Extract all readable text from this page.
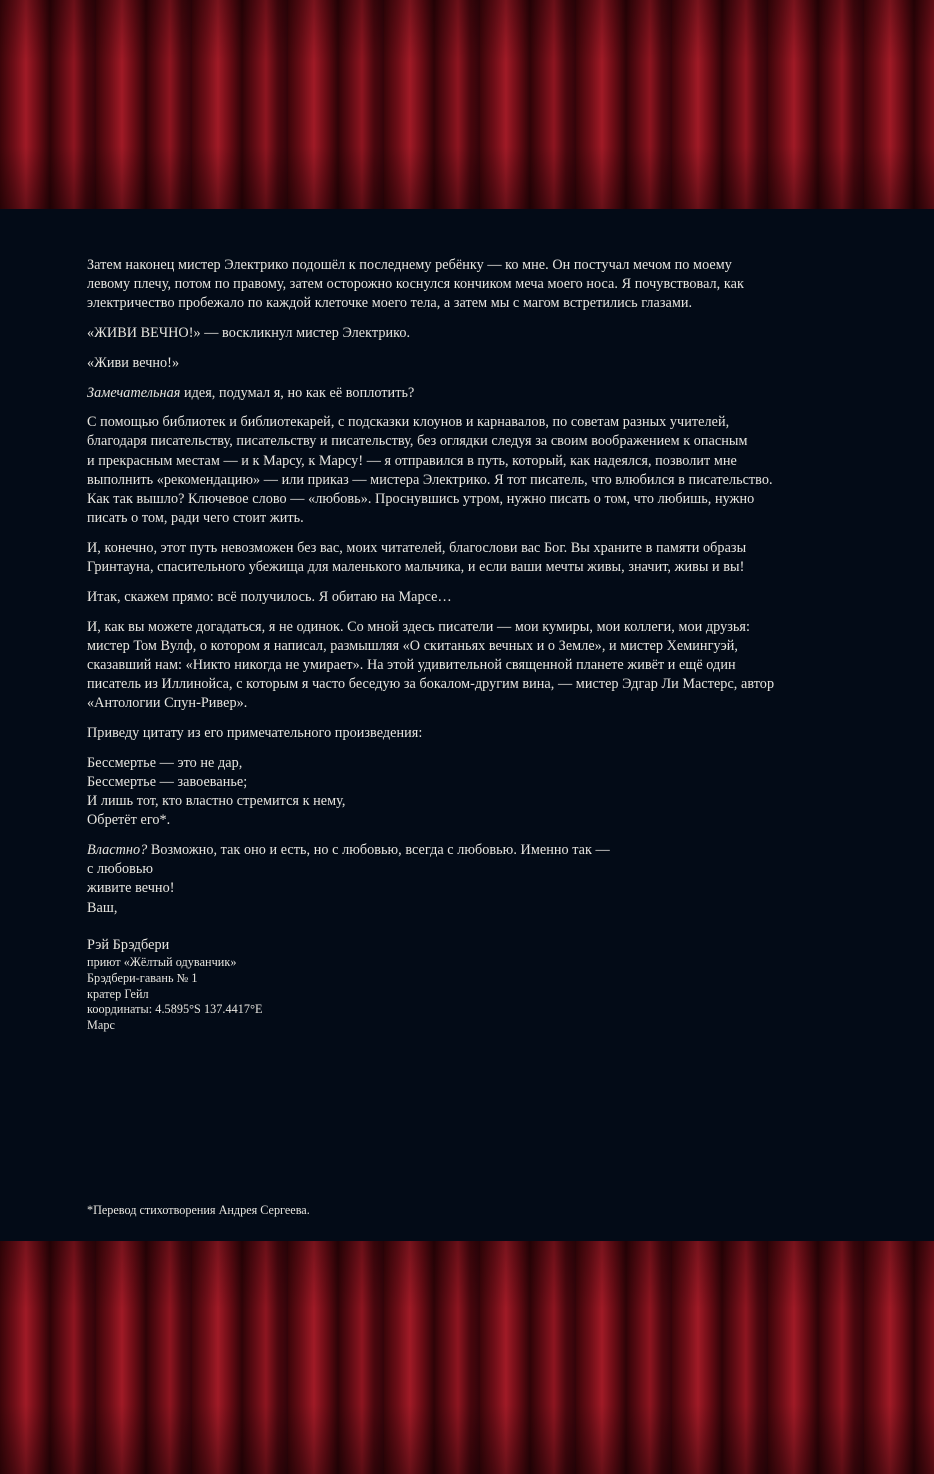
Затем наконец мистер Электрико подошёл к последнему ребёнку — ко мне. Он постучал мечом по моему
левому плечу, потом по правому, затем осторожно коснулся кончиком меча моего носа. Я почувствовал, как
электричество пробежало по каждой клеточке моего тела, а затем мы с магом встретились глазами.

«ЖИВИ ВЕЧНО!» — воскликнул мистер Электрико.

«Живи вечно!»

Замечательная идея, подумал я, но как её воплотить?

С помощью библиотек и библиотекарей, с подсказки клоунов и карнавалов, по советам разных учителей,
благодаря писательству, писательству и писательству, без оглядки следуя за своим воображением к опасным
и прекрасным местам — и к Марсу, к Марсу! — я отправился в путь, который, как надеялся, позволит мне
выполнить «рекомендацию» — или приказ — мистера Электрико. Я тот писатель, что влюбился в писательство.
Как так вышло? Ключевое слово — «любовь». Проснувшись утром, нужно писать о том, что любишь, нужно
писать о том, ради чего стоит жить.

И, конечно, этот путь невозможен без вас, моих читателей, благослови вас Бог. Вы храните в памяти образы
Гринтауна, спасительного убежища для маленького мальчика, и если ваши мечты живы, значит, живы и вы!

Итак, скажем прямо: всё получилось. Я обитаю на Марсе…

И, как вы можете догадаться, я не одинок. Со мной здесь писатели — мои кумиры, мои коллеги, мои друзья:
мистер Том Вулф, о котором я написал, размышляя «О скитаньях вечных и о Земле», и мистер Хемингуэй,
сказавший нам: «Никто никогда не умирает». На этой удивительной священной планете живёт и ещё один
писатель из Иллинойса, с которым я часто беседую за бокалом-другим вина, — мистер Эдгар Ли Мастерс, автор
«Антологии Спун-Ривер».

Приведу цитату из его примечательного произведения:

Бессмертье — это не дар,
Бессмертье — завоеванье;
И лишь тот, кто властно стремится к нему,
Обретёт его*.

Властно? Возможно, так оно и есть, но с любовью, всегда с любовью. Именно так —
с любовью
живите вечно!
Ваш,

Рэй Брэдбери
приют «Жёлтый одуванчик»
Брэдбери-гавань № 1
кратер Гейл
координаты: 4.5895°S 137.4417°E
Марс
*Перевод стихотворения Андрея Сергеева.
